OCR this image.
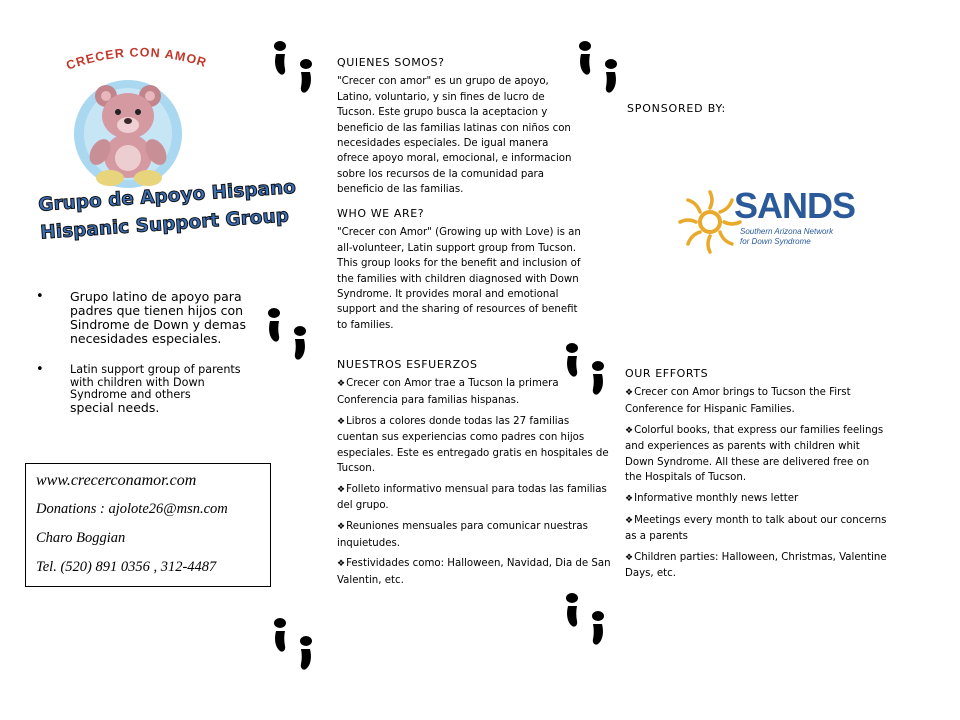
CRECER CON AMOR
Grupo de Apoyo Hispano
Hispanic Support Group
• Grupo latino de apoyo para padres que tienen hijos con Sindrome de Down y demas necesidades especiales.
• Latin support group of parents with children with Down Syndrome and others
special needs.
www.crecerconamor.com
Donations : ajolote26@msn.com
Charo Boggian
Tel. (520) 891 0356 , 312-4487
QUIENES SOMOS?

"Crecer con amor" es un grupo de apoyo, Latino, voluntario, y sin fines de lucro de Tucson. Este grupo busca la aceptacion y beneficio de las familias latinas con niños con necesidades especiales. De igual manera ofrece apoyo moral, emocional, e informacion sobre los recursos de la comunidad para beneficio de las familias.

WHO WE ARE?

"Crecer con Amor" (Growing up with Love) is an all-volunteer, Latin support group from Tucson. This group looks for the benefit and inclusion of the families with children diagnosed with Down Syndrome. It provides moral and emotional support and the sharing of resources of benefit to families.

NUESTROS ESFUERZOS
❖Crecer con Amor trae a Tucson la primera Conferencia para familias hispanas.
❖Libros a colores donde todas las 27 familias cuentan sus experiencias como padres con hijos especiales. Este es entregado gratis en hospitales de Tucson.
❖Folleto informativo mensual para todas las familias del grupo.
❖Reuniones mensuales para comunicar nuestras inquietudes.
❖Festividades como: Halloween, Navidad, Dia de San Valentin, etc.
SPONSORED BY:
SANDS
Southern Arizona Network
for Down Syndrome
OUR EFFORTS
❖Crecer con Amor brings to Tucson the First Conference for Hispanic Families.
❖Colorful books, that express our families feelings and experiences as parents with children whit Down Syndrome. All these are delivered free on the Hospitals of Tucson.
❖Informative monthly news letter
❖Meetings every month to talk about our concerns as a parents
❖Children parties: Halloween, Christmas, Valentine Days, etc.
